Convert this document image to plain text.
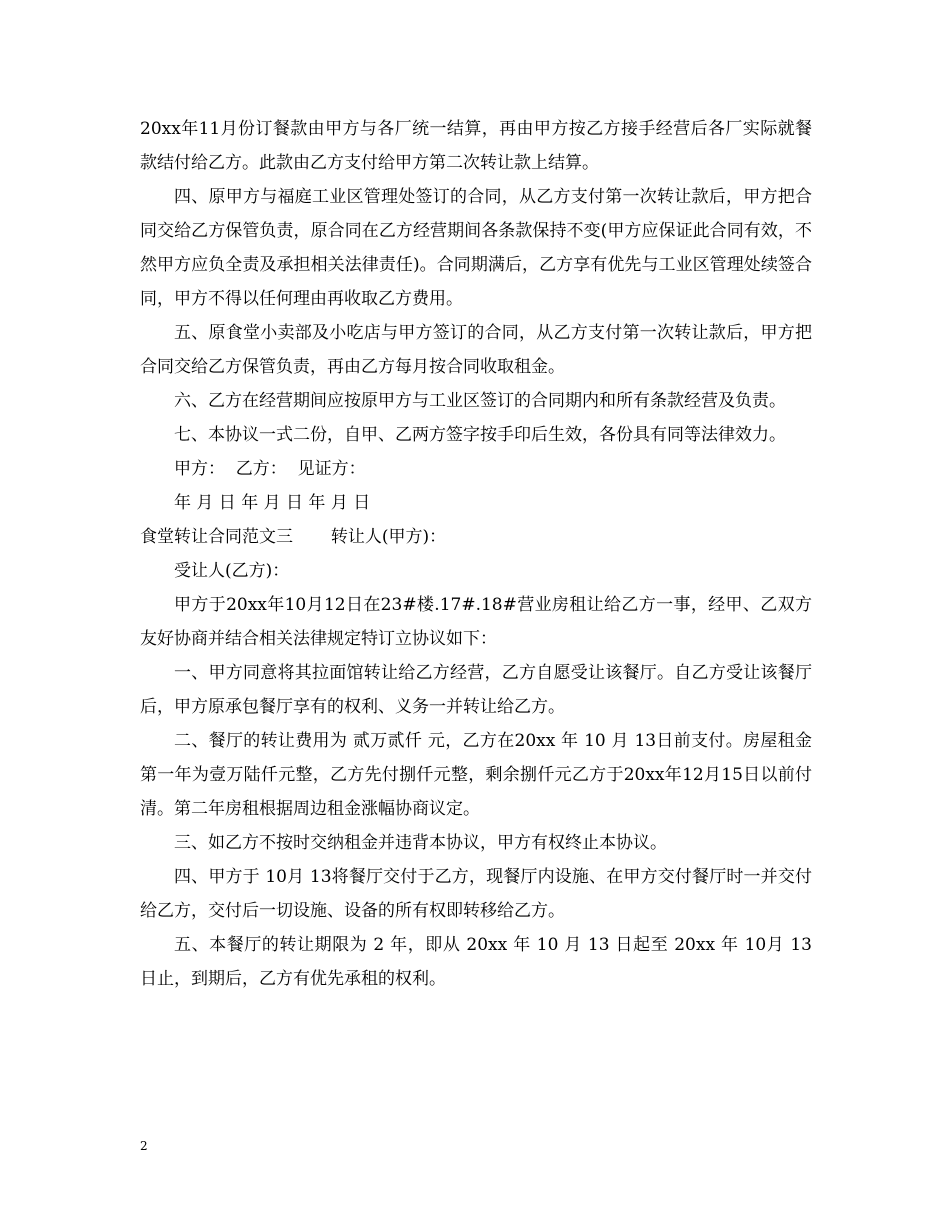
20xx年11月份订餐款由甲方与各厂统一结算，再由甲方按乙方接手经营后各厂实际就餐款结付给乙方。此款由乙方支付给甲方第二次转让款上结算。

四、原甲方与福庭工业区管理处签订的合同，从乙方支付第一次转让款后，甲方把合同交给乙方保管负责，原合同在乙方经营期间各条款保持不变(甲方应保证此合同有效，不然甲方应负全责及承担相关法律责任)。合同期满后，乙方享有优先与工业区管理处续签合同，甲方不得以任何理由再收取乙方费用。

五、原食堂小卖部及小吃店与甲方签订的合同，从乙方支付第一次转让款后，甲方把合同交给乙方保管负责，再由乙方每月按合同收取租金。

六、乙方在经营期间应按原甲方与工业区签订的合同期内和所有条款经营及负责。

七、本协议一式二份，自甲、乙两方签字按手印后生效，各份具有同等法律效力。

甲方：  乙方：  见证方：

年 月 日 年 月 日 年 月 日

食堂转让合同范文三       转让人(甲方)：

受让人(乙方)：

甲方于20xx年10月12日在23#楼.17#.18#营业房租让给乙方一事，经甲、乙双方友好协商并结合相关法律规定特订立协议如下：

一、甲方同意将其拉面馆转让给乙方经营，乙方自愿受让该餐厅。自乙方受让该餐厅后，甲方原承包餐厅享有的权利、义务一并转让给乙方。

二、餐厅的转让费用为 贰万贰仟 元，乙方在20xx 年 10 月 13日前支付。房屋租金第一年为壹万陆仟元整，乙方先付捌仟元整，剩余捌仟元乙方于20xx年12月15日以前付清。第二年房租根据周边租金涨幅协商议定。

三、如乙方不按时交纳租金并违背本协议，甲方有权终止本协议。

四、甲方于 10月 13将餐厅交付于乙方，现餐厅内设施、在甲方交付餐厅时一并交付给乙方，交付后一切设施、设备的所有权即转移给乙方。

五、本餐厅的转让期限为 2 年，即从 20xx 年 10 月 13 日起至 20xx 年 10月 13 日止，到期后，乙方有优先承租的权利。

2
